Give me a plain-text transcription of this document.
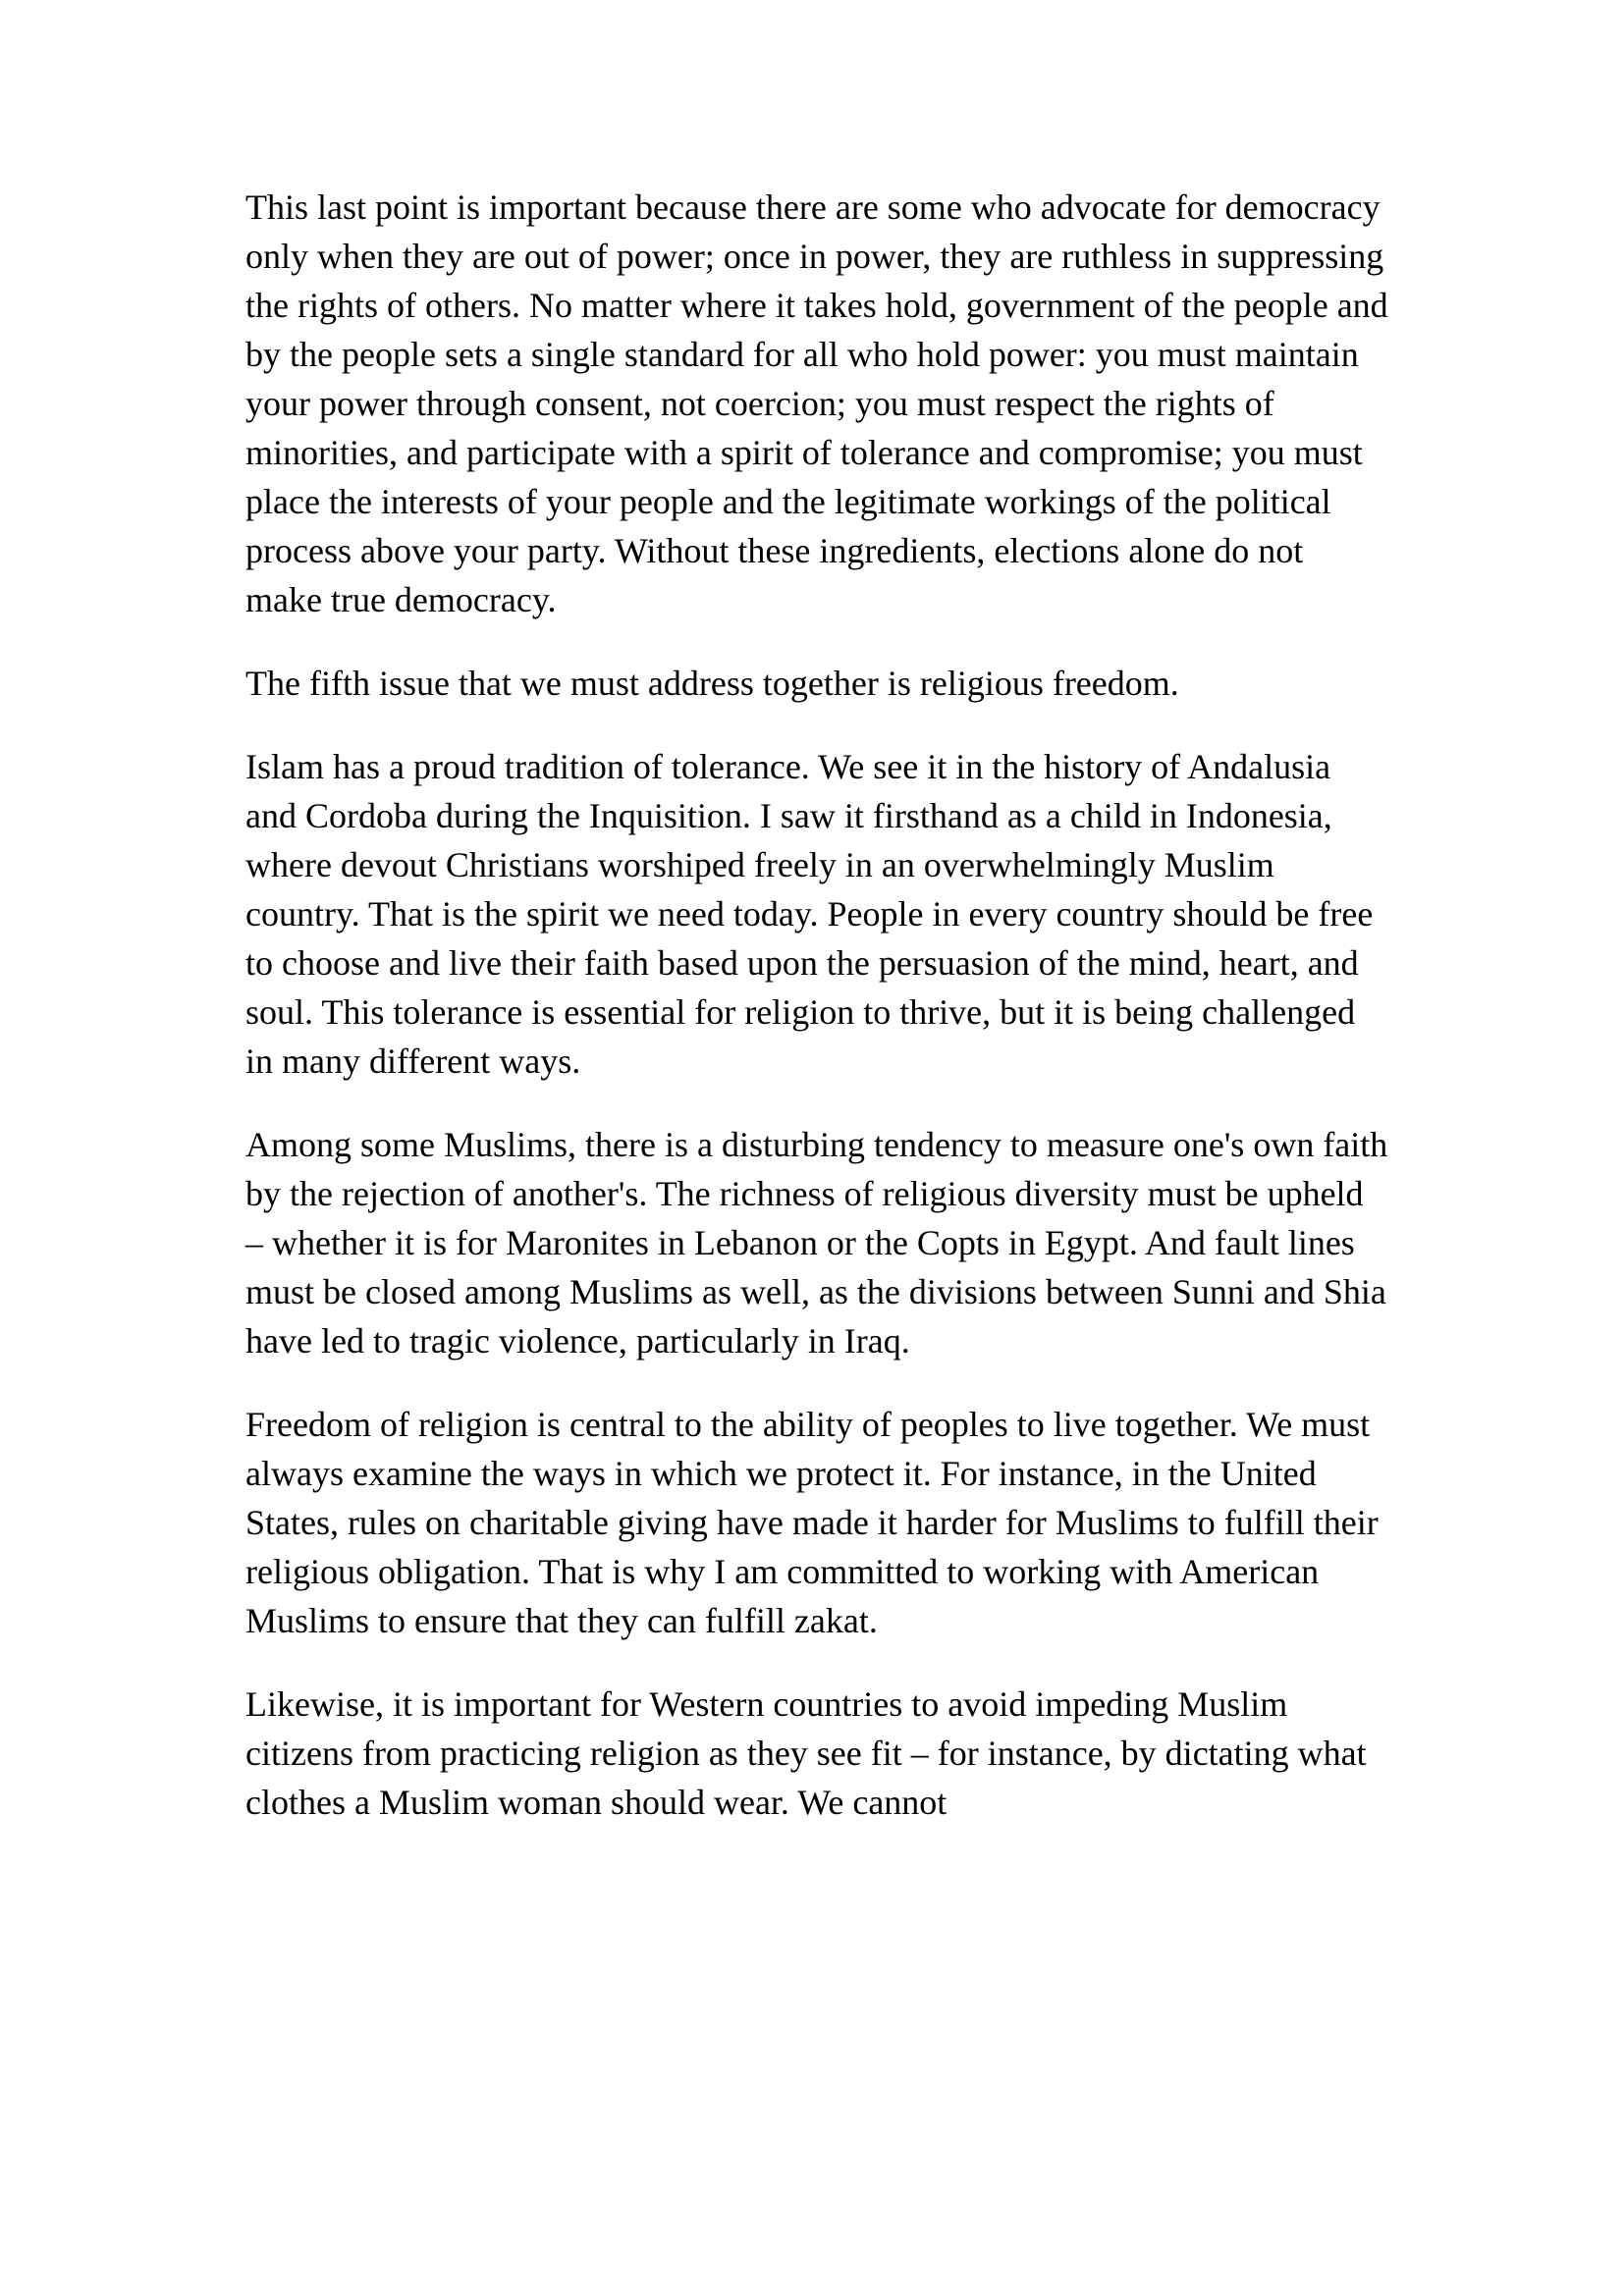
This last point is important because there are some who advocate for democracy only when they are out of power; once in power, they are ruthless in suppressing the rights of others. No matter where it takes hold, government of the people and by the people sets a single standard for all who hold power: you must maintain your power through consent, not coercion; you must respect the rights of minorities, and participate with a spirit of tolerance and compromise; you must place the interests of your people and the legitimate workings of the political process above your party. Without these ingredients, elections alone do not make true democracy.

The fifth issue that we must address together is religious freedom.

Islam has a proud tradition of tolerance. We see it in the history of Andalusia and Cordoba during the Inquisition. I saw it firsthand as a child in Indonesia, where devout Christians worshiped freely in an overwhelmingly Muslim country. That is the spirit we need today. People in every country should be free to choose and live their faith based upon the persuasion of the mind, heart, and soul. This tolerance is essential for religion to thrive, but it is being challenged in many different ways.

Among some Muslims, there is a disturbing tendency to measure one's own faith by the rejection of another's. The richness of religious diversity must be upheld – whether it is for Maronites in Lebanon or the Copts in Egypt. And fault lines must be closed among Muslims as well, as the divisions between Sunni and Shia have led to tragic violence, particularly in Iraq.

Freedom of religion is central to the ability of peoples to live together. We must always examine the ways in which we protect it. For instance, in the United States, rules on charitable giving have made it harder for Muslims to fulfill their religious obligation. That is why I am committed to working with American Muslims to ensure that they can fulfill zakat.

Likewise, it is important for Western countries to avoid impeding Muslim citizens from practicing religion as they see fit – for instance, by dictating what clothes a Muslim woman should wear. We cannot
